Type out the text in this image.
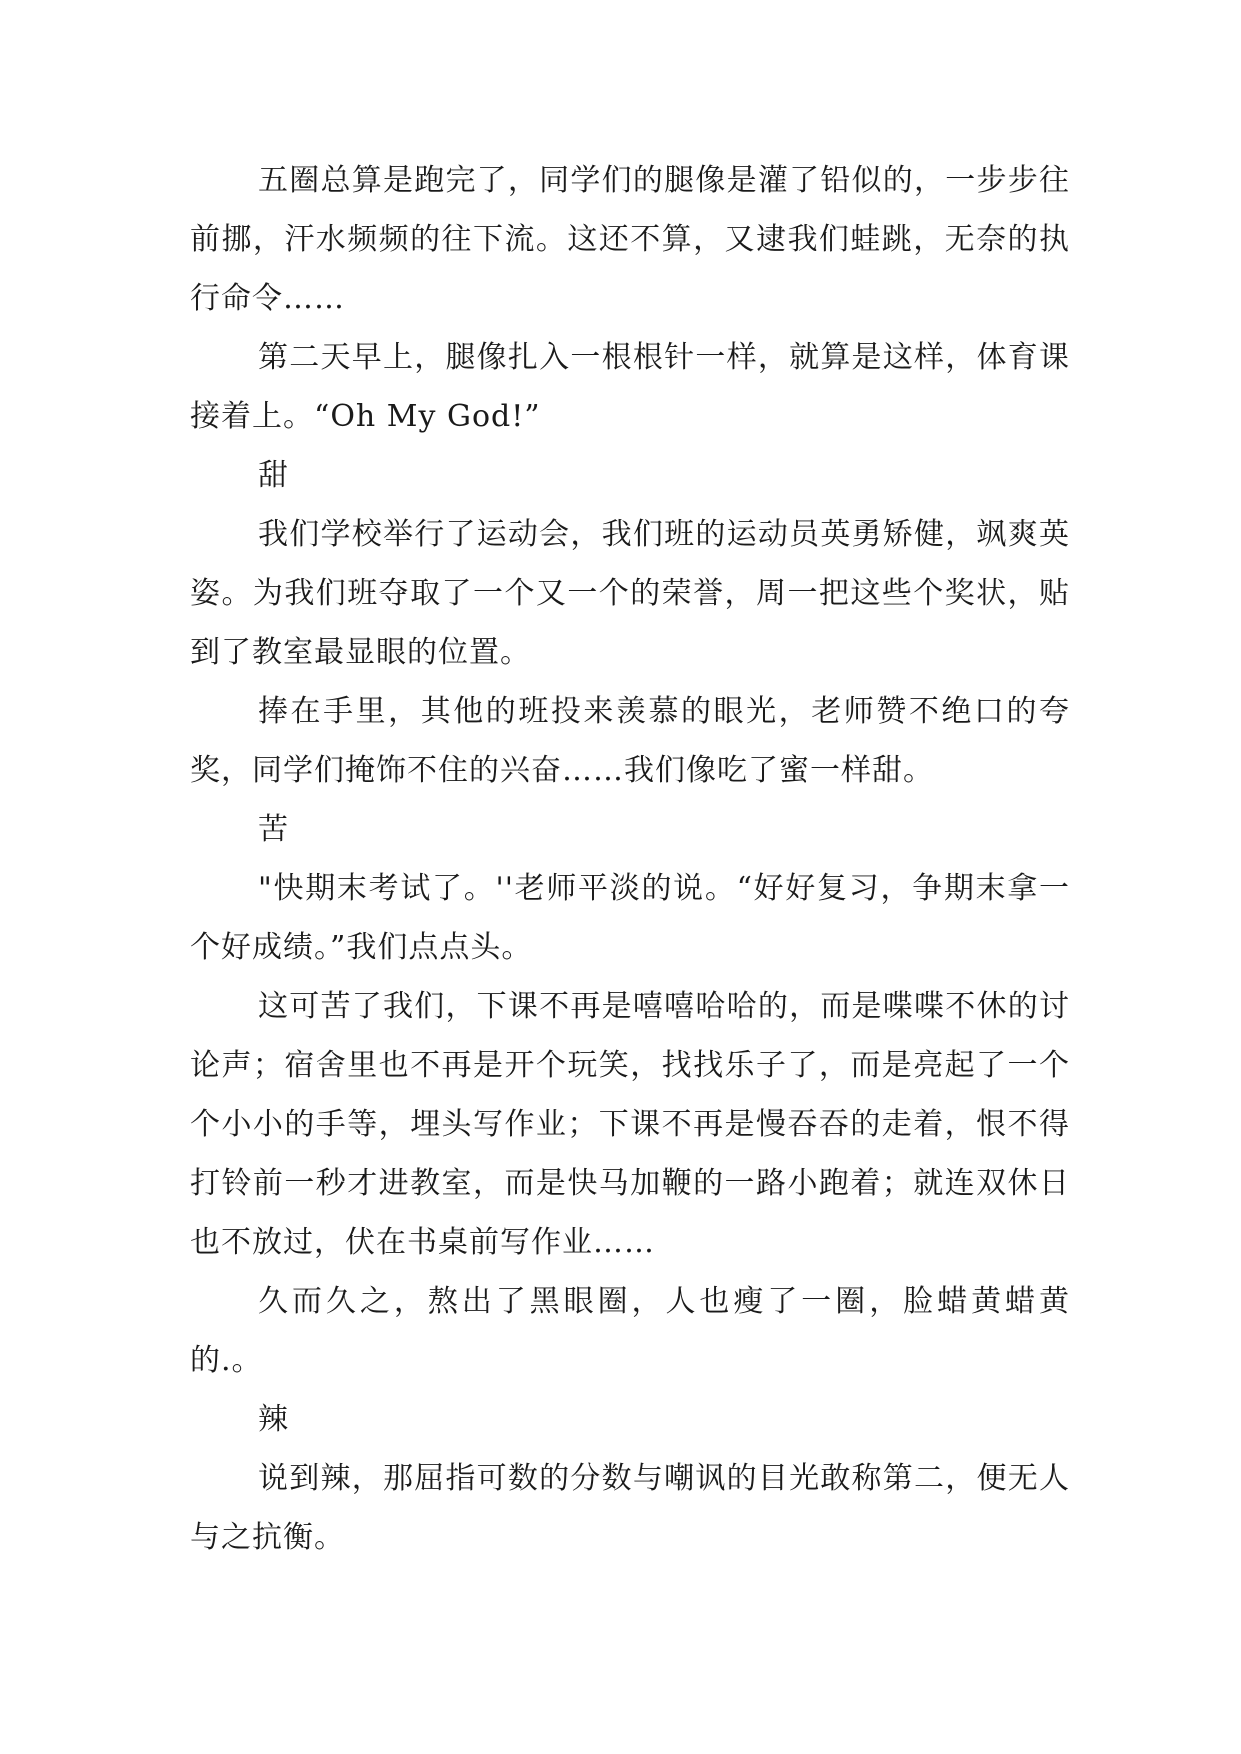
五圈总算是跑完了，同学们的腿像是灌了铅似的，一步步往前挪，汗水频频的往下流。这还不算，又逮我们蛙跳，无奈的执行命令……

第二天早上，腿像扎入一根根针一样，就算是这样，体育课接着上。“Oh My God!”

甜

我们学校举行了运动会，我们班的运动员英勇矫健，飒爽英姿。为我们班夺取了一个又一个的荣誉，周一把这些个奖状，贴到了教室最显眼的位置。

捧在手里，其他的班投来羡慕的眼光，老师赞不绝口的夸奖，同学们掩饰不住的兴奋……我们像吃了蜜一样甜。

苦

"快期末考试了。''老师平淡的说。“好好复习，争期末拿一个好成绩。”我们点点头。

这可苦了我们，下课不再是嘻嘻哈哈的，而是喋喋不休的讨论声；宿舍里也不再是开个玩笑，找找乐子了，而是亮起了一个个小小的手等，埋头写作业；下课不再是慢吞吞的走着，恨不得打铃前一秒才进教室，而是快马加鞭的一路小跑着；就连双休日也不放过，伏在书桌前写作业……

久而久之，熬出了黑眼圈，人也瘦了一圈，脸蜡黄蜡黄的.。

辣

说到辣，那屈指可数的分数与嘲讽的目光敢称第二，便无人与之抗衡。
